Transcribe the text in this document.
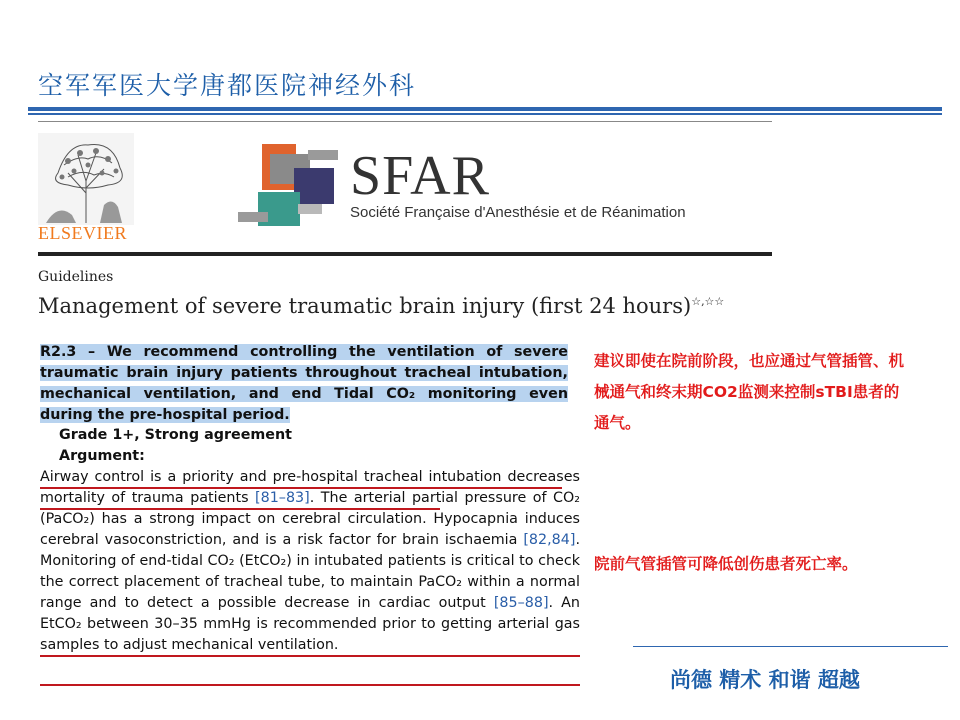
空军军医大学唐都医院神经外科
ELSEVIER
SFAR
Société Française d'Anesthésie et de Réanimation
Guidelines
Management of severe traumatic brain injury (first 24 hours)☆,☆☆
R2.3 – We recommend controlling the ventilation of severe traumatic brain injury patients throughout tracheal intubation, mechanical ventilation, and end Tidal CO₂ monitoring even during the pre-hospital period.
Grade 1+, Strong agreement
Argument:
Airway control is a priority and pre-hospital tracheal intubation decreases mortality of trauma patients [81–83]. The arterial partial pressure of CO₂ (PaCO₂) has a strong impact on cerebral circulation. Hypocapnia induces cerebral vasoconstriction, and is a risk factor for brain ischaemia [82,84]. Monitoring of end-tidal CO₂ (EtCO₂) in intubated patients is critical to check the correct placement of tracheal tube, to maintain PaCO₂ within a normal range and to detect a possible decrease in cardiac output [85–88]. An EtCO₂ between 30–35 mmHg is recommended prior to getting arterial gas samples to adjust mechanical ventilation.
建议即使在院前阶段，也应通过气管插管、机械通气和终末期CO2监测来控制sTBI患者的通气。
院前气管插管可降低创伤患者死亡率。
尚德 精术 和谐 超越
